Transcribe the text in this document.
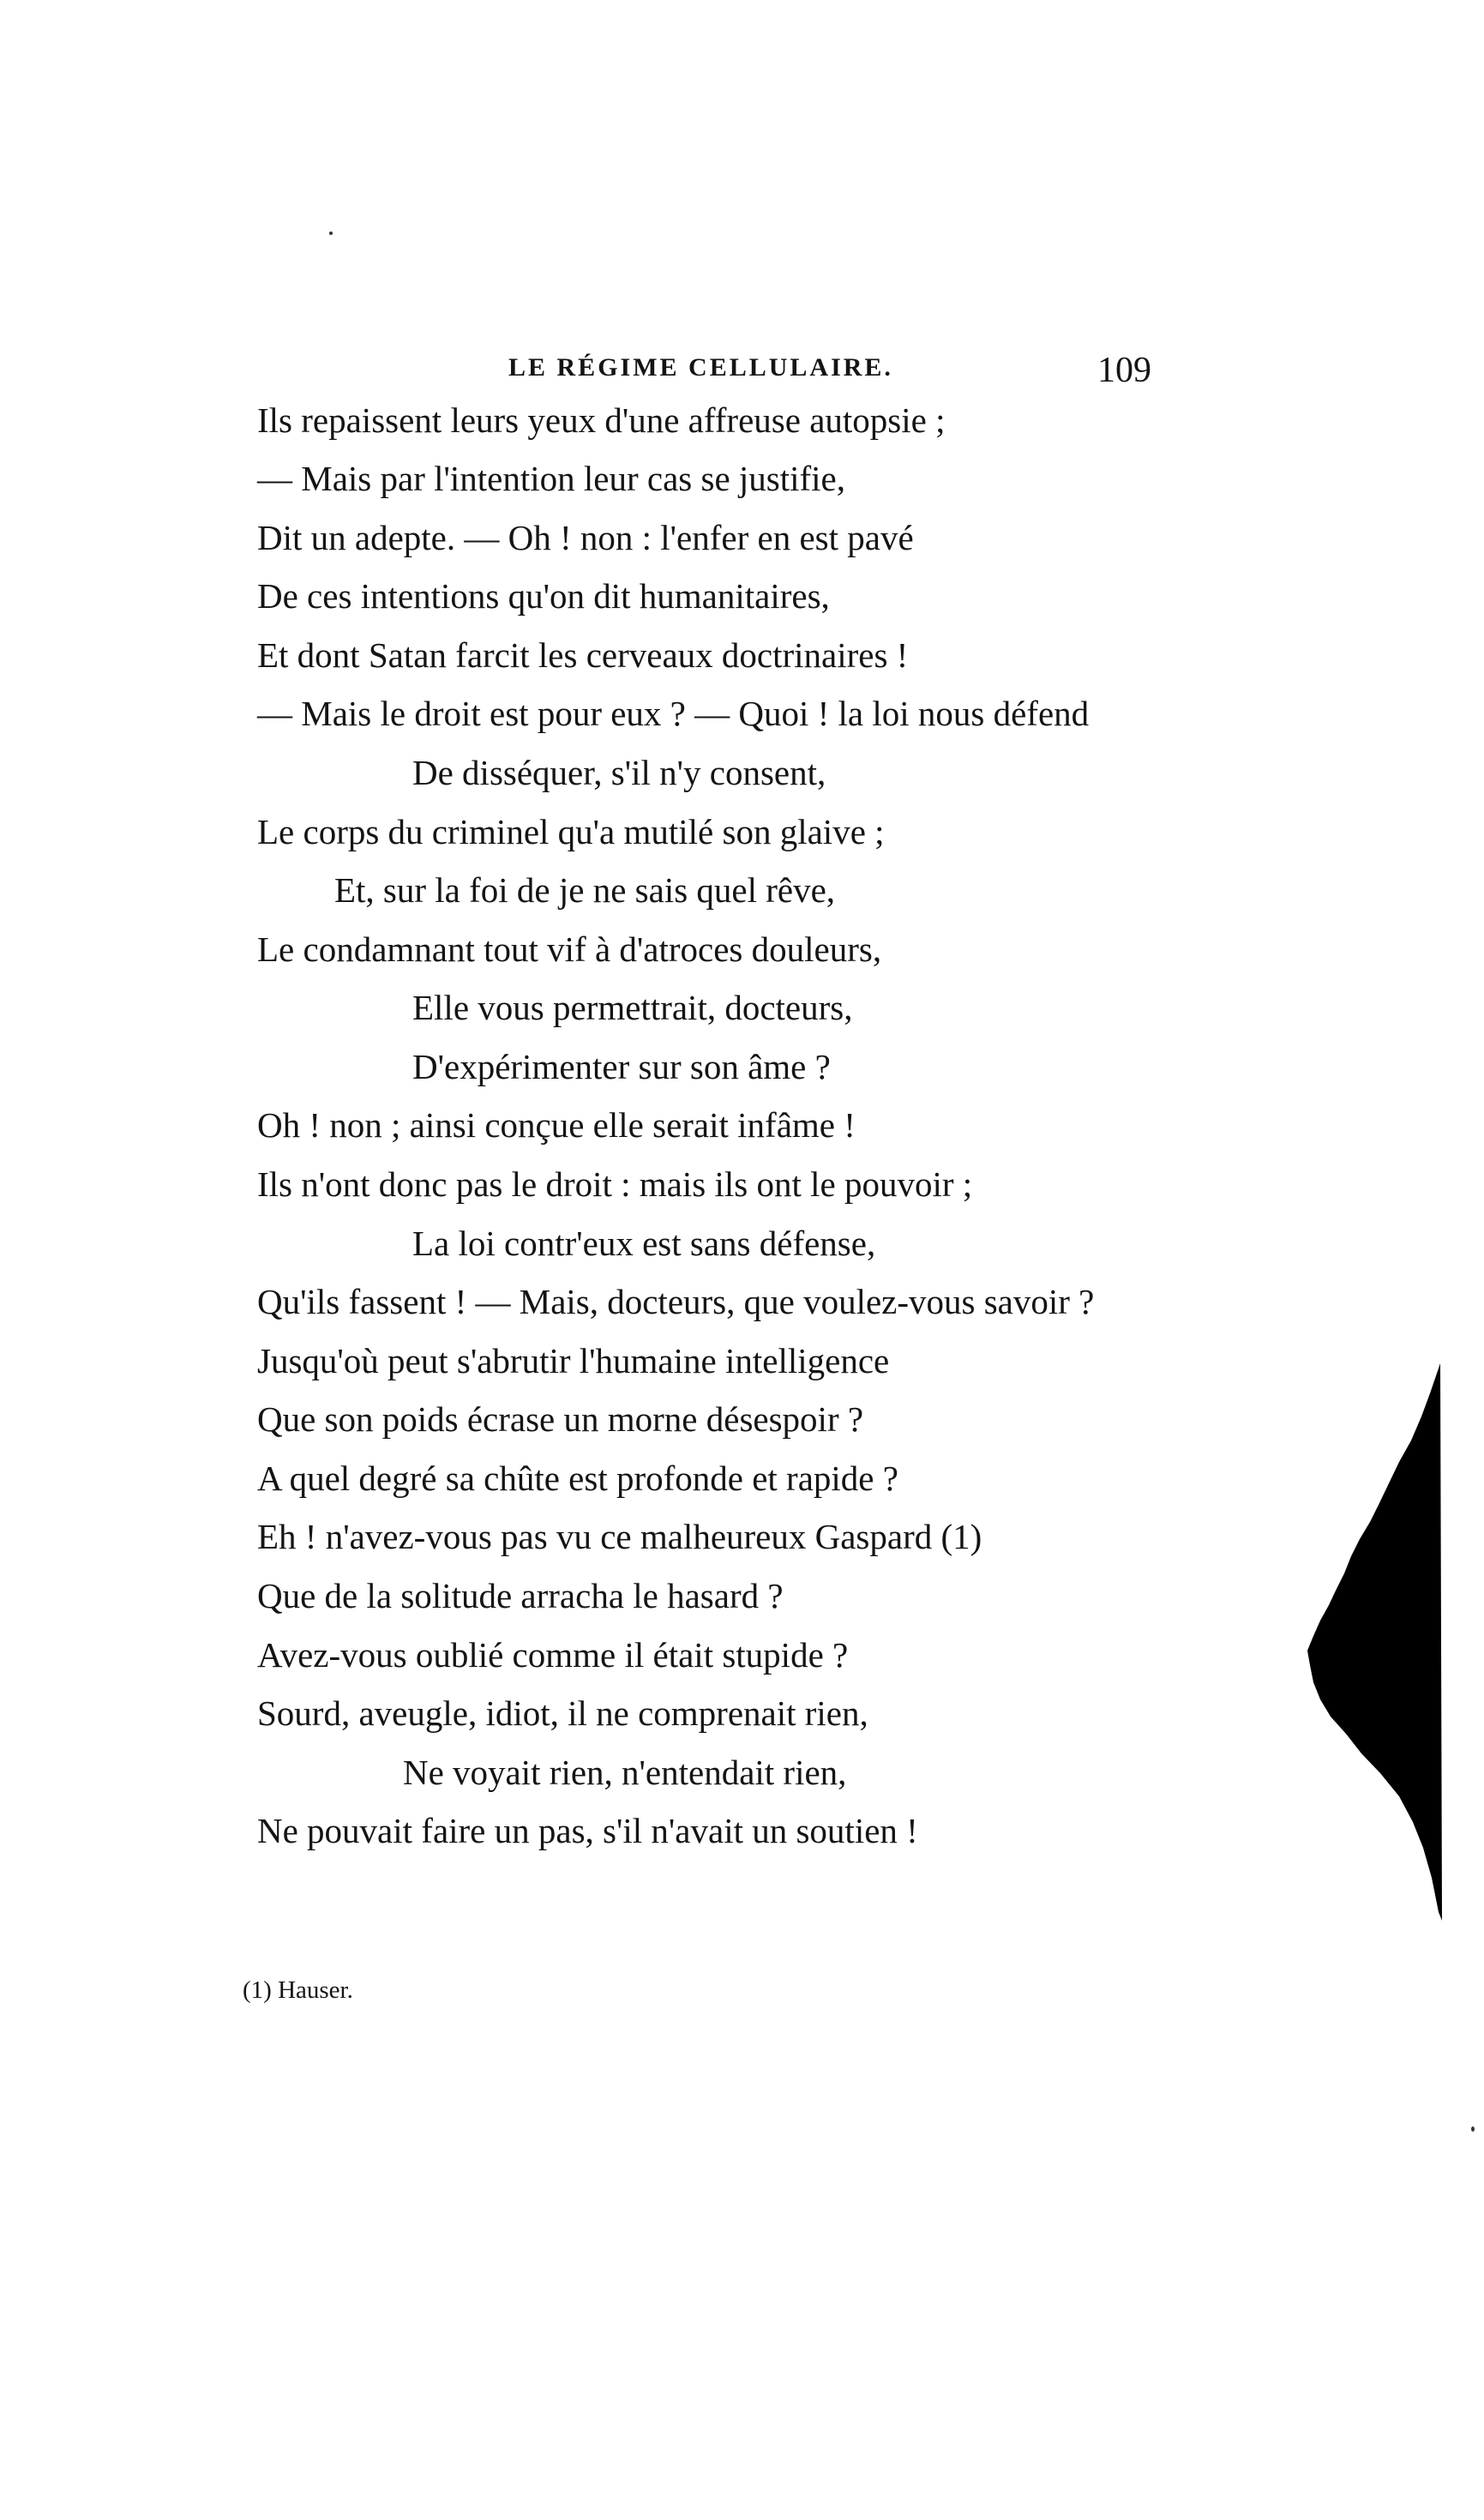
LE RÉGIME CELLULAIRE.	109
Ils repaissent leurs yeux d'une affreuse autopsie ;
— Mais par l'intention leur cas se justifie,
Dit un adepte. — Oh ! non : l'enfer en est pavé
De ces intentions qu'on dit humanitaires,
Et dont Satan farcit les cerveaux doctrinaires !
— Mais le droit est pour eux ? — Quoi ! la loi nous défend
De disséquer, s'il n'y consent,
Le corps du criminel qu'a mutilé son glaive ;
Et, sur la foi de je ne sais quel rêve,
Le condamnant tout vif à d'atroces douleurs,
Elle vous permettrait, docteurs,
D'expérimenter sur son âme ?
Oh ! non ; ainsi conçue elle serait infâme !
Ils n'ont donc pas le droit : mais ils ont le pouvoir ;
La loi contr'eux est sans défense,
Qu'ils fassent ! — Mais, docteurs, que voulez-vous savoir ?
Jusqu'où peut s'abrutir l'humaine intelligence
Que son poids écrase un morne désespoir ?
A quel degré sa chûte est profonde et rapide ?
Eh ! n'avez-vous pas vu ce malheureux Gaspard (1)
Que de la solitude arracha le hasard ?
Avez-vous oublié comme il était stupide ?
Sourd, aveugle, idiot, il ne comprenait rien,
Ne voyait rien, n'entendait rien,
Ne pouvait faire un pas, s'il n'avait un soutien !
(1) Hauser.
